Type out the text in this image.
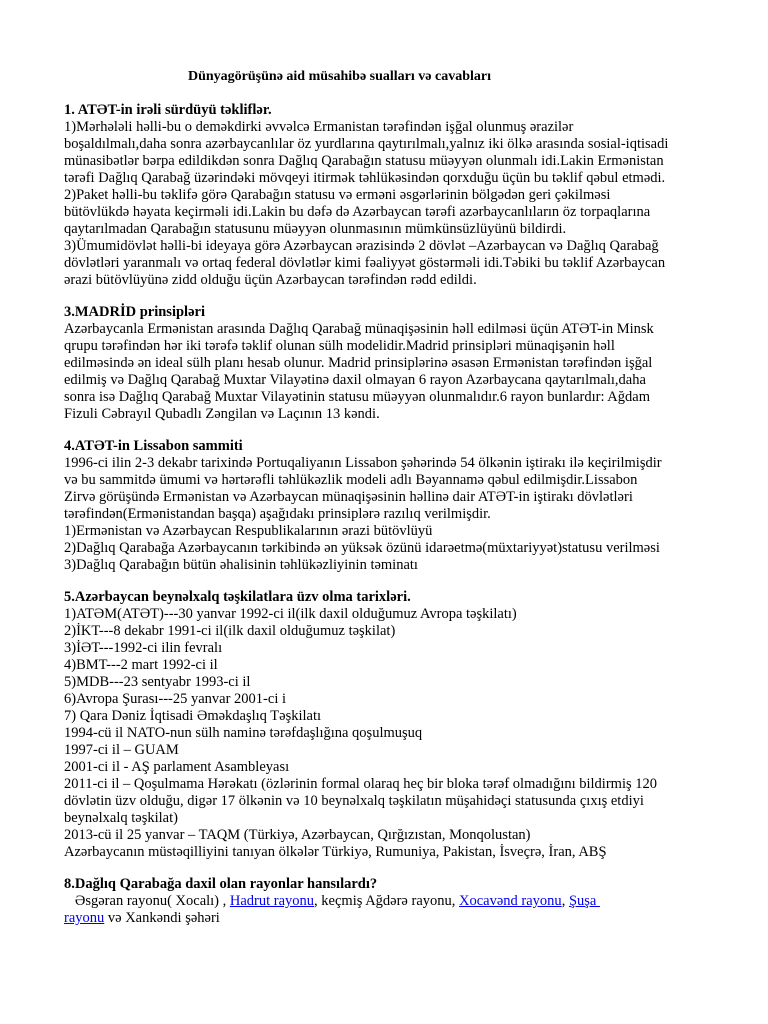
Dünyagörüşünə aid müsahibə sualları və cavabları
1. ATƏT-in irəli sürdüyü təkliflər.
1)Mərhələli həlli-bu o deməkdirki əvvəlcə Ermanistan tərəfindən işğal olunmuş ərazilər
boşaldılmalı,daha sonra azərbaycanlılar öz yurdlarına qaytırılmalı,yalnız iki ölkə arasında sosial-iqtisadi
münasibətlər bərpa edildikdən sonra Dağlıq Qarabağın statusu müəyyən olunmalı idi.Lakin Ermənistan
tərəfi Dağlıq Qarabağ üzərindəki mövqeyi itirmək təhlükəsindən qorxduğu üçün bu təklif qəbul etmədi.
2)Paket həlli-bu təklifə görə Qarabağın statusu və erməni əsgərlərinin bölgədən geri çəkilməsi
bütövlükdə həyata keçirməli idi.Lakin bu dəfə də Azərbaycan tərəfi azərbaycanlıların öz torpaqlarına
qaytarılmadan Qarabağın statusunu müəyyən olunmasının mümkünsüzlüyünü bildirdi.
3)Ümumidövlət həlli-bi ideyaya görə Azərbaycan ərazisində 2 dövlət –Azərbaycan və Dağlıq Qarabağ
dövlətləri yaranmalı və ortaq federal dövlətlər kimi fəaliyyət göstərməli idi.Təbiki bu təklif Azərbaycan
ərazi bütövlüyünə zidd olduğu üçün Azərbaycan tərəfindən rədd edildi.
3.MADRİD prinsipləri
Azərbaycanla Ermənistan arasında Dağlıq Qarabağ münaqişəsinin həll edilməsi üçün ATƏT-in Minsk
qrupu tərəfindən hər iki tərəfə təklif olunan sülh modelidir.Madrid prinsipləri münaqişənin həll
edilməsində ən ideal sülh planı hesab olunur. Madrid prinsiplərinə əsasən Ermənistan tərəfindən işğal
edilmiş və Dağlıq Qarabağ Muxtar Vilayətinə daxil olmayan 6 rayon Azərbaycana qaytarılmalı,daha
sonra isə Dağlıq Qarabağ Muxtar Vilayətinin statusu müəyyən olunmalıdır.6 rayon bunlardır: Ağdam
Fizuli Cəbrayıl Qubadlı Zəngilan və Laçının 13 kəndi.
4.ATƏT-in Lissabon sammiti
1996-ci ilin 2-3 dekabr tarixində Portuqaliyanın Lissabon şəhərində 54 ölkənin iştirakı ilə keçirilmişdir
və bu sammitdə ümumi və hərtərəfli təhlükəzlik modeli adlı Bəyannamə qəbul edilmişdir.Lissabon
Zirvə görüşündə Ermənistan və Azərbaycan münaqişəsinin həllinə dair ATƏT-in iştirakı dövlətləri
tərəfindən(Ermənistandan başqa) aşağıdakı prinsiplərə razılıq verilmişdir.
1)Ermənistan və Azərbaycan Respublikalarının ərazi bütövlüyü
2)Dağlıq Qarabağa Azərbaycanın tərkibində ən yüksək özünü idarəetmə(müxtariyyət)statusu verilməsi
3)Dağlıq Qarabağın bütün əhalisinin təhlükəzliyinin təminatı
5.Azərbaycan beynəlxalq təşkilatlara üzv olma tarixləri.
1)ATƏM(ATƏT)---30 yanvar 1992-ci il(ilk daxil olduğumuz Avropa təşkilatı)
2)İKT---8 dekabr 1991-ci il(ilk daxil olduğumuz təşkilat)
3)İƏT---1992-ci ilin fevralı
4)BMT---2 mart 1992-ci il
5)MDB---23 sentyabr 1993-ci il
6)Avropa Şurası---25 yanvar 2001-ci i
7) Qara Dəniz İqtisadi Əməkdaşlıq Təşkilatı
1994-cü il NATO-nun sülh naminə tərəfdaşlığına qoşulmuşuq
1997-ci il – GUAM
2001-ci il - AŞ parlament Asambleyası
2011-ci il – Qoşulmama Hərəkatı (özlərinin formal olaraq heç bir bloka tərəf olmadığını bildirmiş 120
dövlətin üzv olduğu, digər 17 ölkənin və 10 beynəlxalq təşkilatın müşahidəçi statusunda çıxış etdiyi
beynəlxalq təşkilat)
2013-cü il 25 yanvar – TAQM (Türkiyə, Azərbaycan, Qırğızıstan, Monqolustan)
Azərbaycanın müstəqilliyini tanıyan ölkələr Türkiyə, Rumuniya, Pakistan, İsveçrə, İran, ABŞ
8.Dağlıq Qarabağa daxil olan rayonlar hansılardı?
Əsgəran rayonu( Xocalı) , Hadrut rayonu, keçmiş Ağdərə rayonu, Xocavənd rayonu, Şuşa
rayonu və Xankəndi şəhəri
